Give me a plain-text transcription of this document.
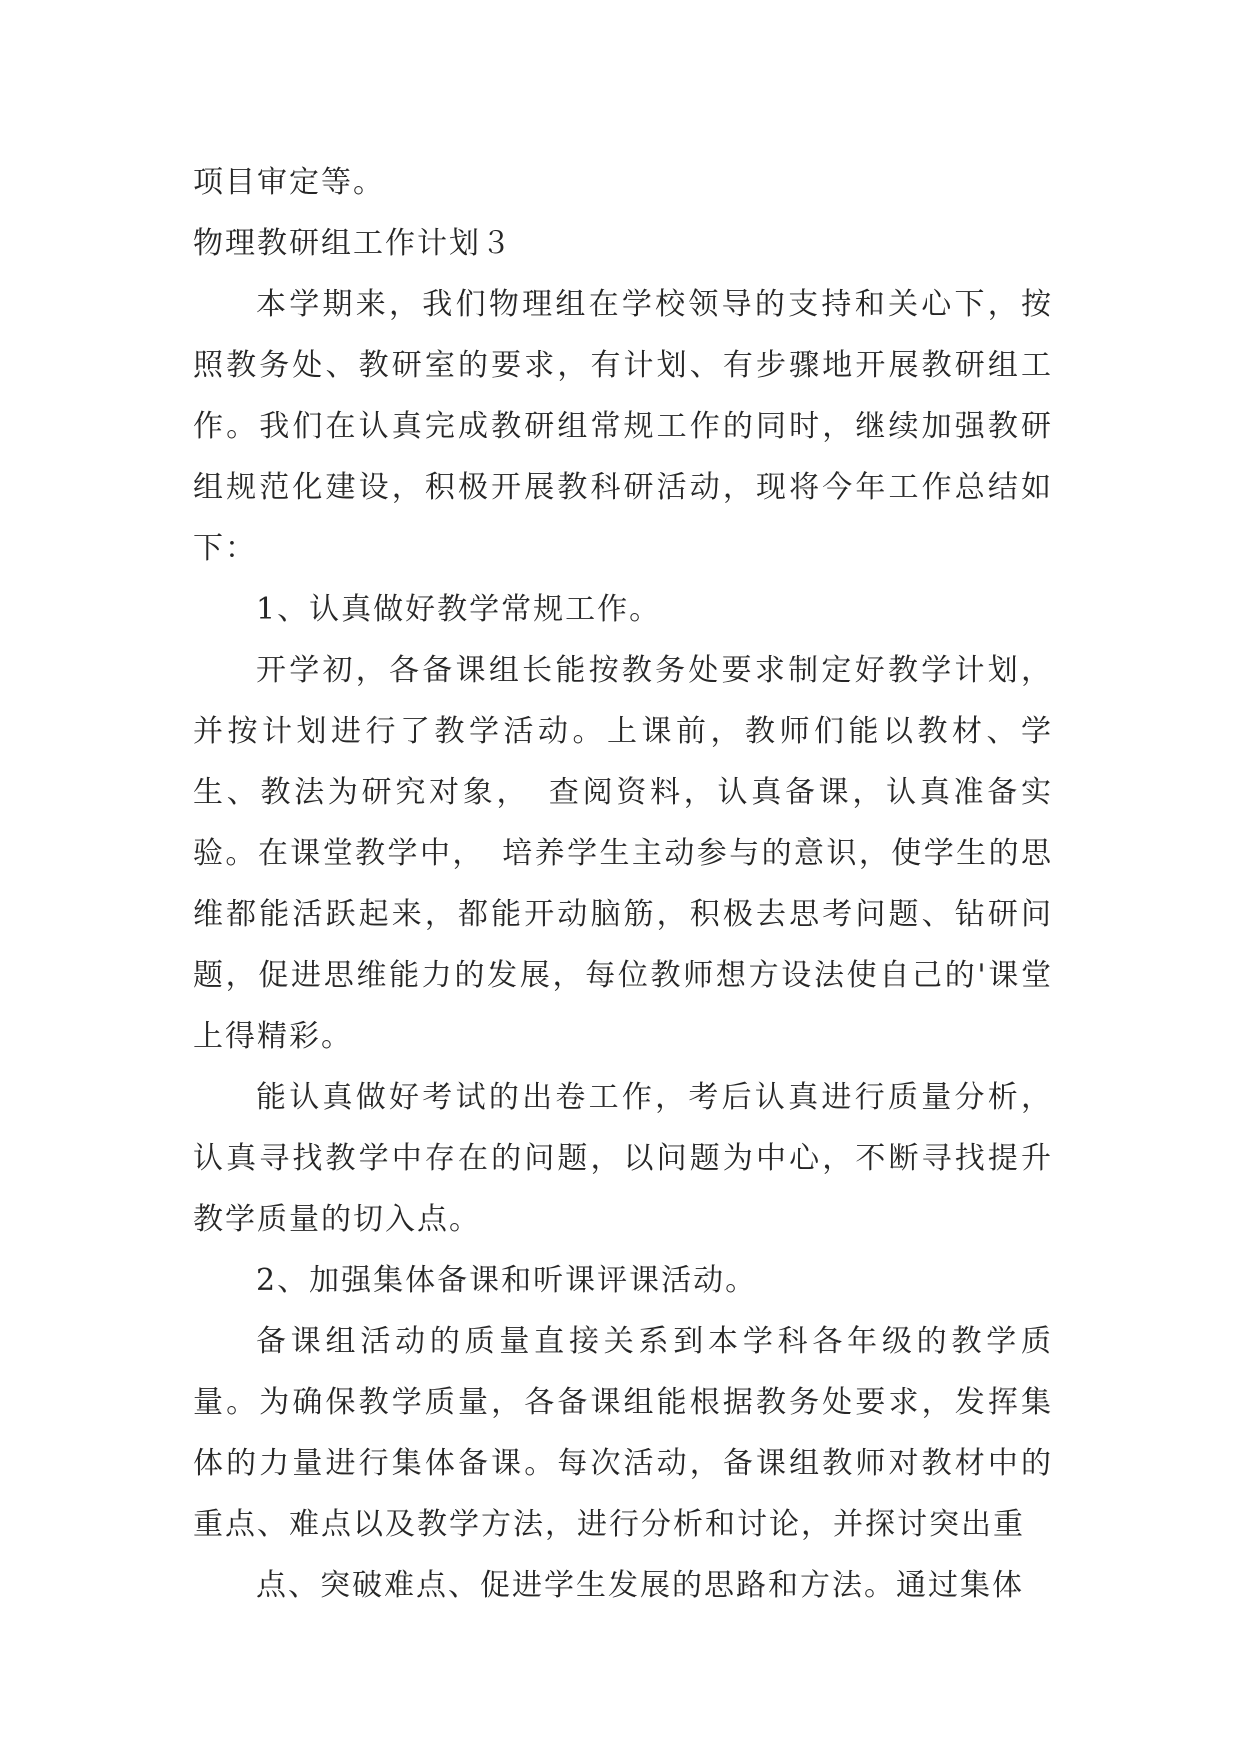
项目审定等。

物理教研组工作计划３

本学期来，我们物理组在学校领导的支持和关心下，按照教务处、教研室的要求，有计划、有步骤地开展教研组工作。我们在认真完成教研组常规工作的同时，继续加强教研组规范化建设，积极开展教科研活动，现将今年工作总结如下：

1、认真做好教学常规工作。

开学初，各备课组长能按教务处要求制定好教学计划，并按计划进行了教学活动。上课前，教师们能以教材、学生、教法为研究对象，　查阅资料，认真备课，认真准备实验。在课堂教学中，　培养学生主动参与的意识，使学生的思维都能活跃起来，都能开动脑筋，积极去思考问题、钻研问题，促进思维能力的发展，每位教师想方设法使自己的'课堂上得精彩。

能认真做好考试的出卷工作，考后认真进行质量分析，认真寻找教学中存在的问题，以问题为中心，不断寻找提升教学质量的切入点。

2、加强集体备课和听课评课活动。

备课组活动的质量直接关系到本学科各年级的教学质量。为确保教学质量，各备课组能根据教务处要求，发挥集体的力量进行集体备课。每次活动，备课组教师对教材中的重点、难点以及教学方法，进行分析和讨论，并探讨突出重

点、突破难点、促进学生发展的思路和方法。通过集体
